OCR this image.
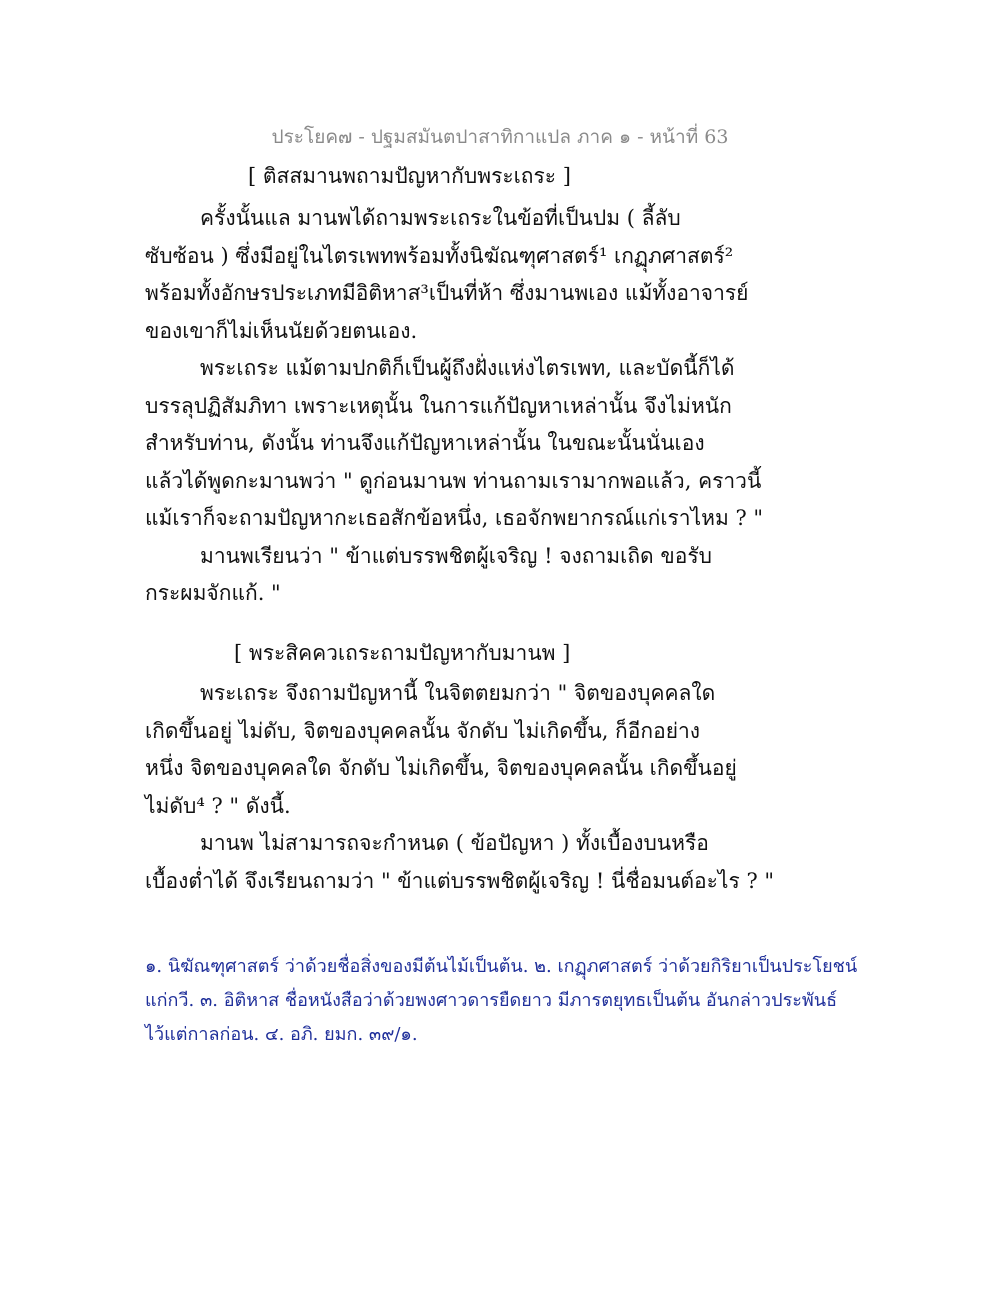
ประโยค๗ - ปฐมสมันตปาสาทิกาแปล ภาค ๑ - หน้าที่ 63
[ ติสสมานพถามปัญหากับพระเถระ ]
ครั้งนั้นแล มานพได้ถามพระเถระในข้อที่เป็นปม ( ลี้ลับ
ซับซ้อน ) ซึ่งมีอยู่ในไตรเพทพร้อมทั้งนิฆัณฑุศาสตร์¹ เกฏุภศาสตร์²
พร้อมทั้งอักษรประเภทมีอิติหาส³เป็นที่ห้า ซึ่งมานพเอง แม้ทั้งอาจารย์
ของเขาก็ไม่เห็นนัยด้วยตนเอง.
พระเถระ แม้ตามปกติก็เป็นผู้ถึงฝั่งแห่งไตรเพท, และบัดนี้ก็ได้
บรรลุปฏิสัมภิทา เพราะเหตุนั้น ในการแก้ปัญหาเหล่านั้น จึงไม่หนัก
สำหรับท่าน, ดังนั้น ท่านจึงแก้ปัญหาเหล่านั้น ในขณะนั้นนั่นเอง
แล้วได้พูดกะมานพว่า " ดูก่อนมานพ ท่านถามเรามากพอแล้ว, คราวนี้
แม้เราก็จะถามปัญหากะเธอสักข้อหนึ่ง, เธอจักพยากรณ์แก่เราไหม ? "
มานพเรียนว่า " ข้าแต่บรรพชิตผู้เจริญ ! จงถามเถิด ขอรับ
กระผมจักแก้. "
[ พระสิคควเถระถามปัญหากับมานพ ]
พระเถระ จึงถามปัญหานี้ ในจิตตยมกว่า " จิตของบุคคลใด
เกิดขึ้นอยู่ ไม่ดับ, จิตของบุคคลนั้น จักดับ ไม่เกิดขึ้น, ก็อีกอย่าง
หนึ่ง จิตของบุคคลใด จักดับ ไม่เกิดขึ้น, จิตของบุคคลนั้น เกิดขึ้นอยู่
ไม่ดับ⁴ ? " ดังนี้.
มานพ ไม่สามารถจะกำหนด ( ข้อปัญหา ) ทั้งเบื้องบนหรือ
เบื้องต่ำได้ จึงเรียนถามว่า " ข้าแต่บรรพชิตผู้เจริญ ! นี่ชื่อมนต์อะไร ? "
๑. นิฆัณฑุศาสตร์ ว่าด้วยชื่อสิ่งของมีต้นไม้เป็นต้น. ๒. เกฏุภศาสตร์ ว่าด้วยกิริยาเป็นประโยชน์
แก่กวี. ๓. อิติหาส ชื่อหนังสือว่าด้วยพงศาวดารยืดยาว มีภารตยุทธเป็นต้น อันกล่าวประพันธ์
ไว้แต่กาลก่อน. ๔. อภิ. ยมก. ๓๙/๑.
